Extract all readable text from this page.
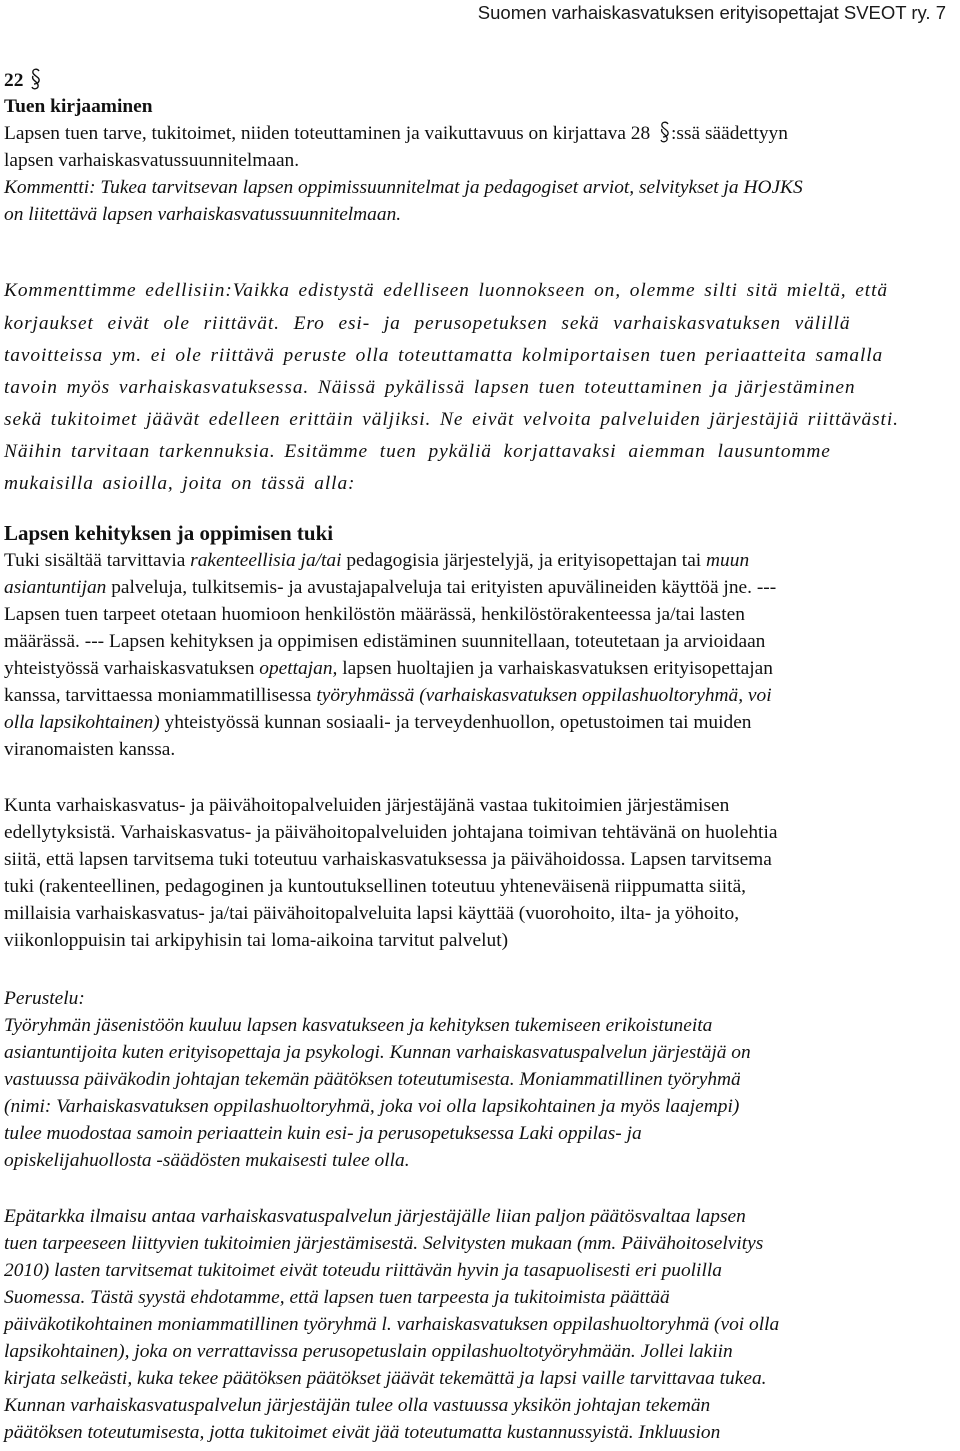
Suomen varhaiskasvatuksen erityisopettajat SVEOT ry. 7
22
Tuen kirjaaminen
Lapsen tuen tarve, tukitoimet, niiden toteuttaminen ja vaikuttavuus on kirjattava 28 :ssä säädettyyn
lapsen varhaiskasvatussuunnitelmaan.
Kommentti: Tukea tarvitsevan lapsen oppimissuunnitelmat ja pedagogiset arviot, selvitykset ja HOJKS
on liitettävä lapsen varhaiskasvatussuunnitelmaan.
Kommenttimme edellisiin:Vaikka edistystä edelliseen luonnokseen on, olemme silti sitä mieltä, että
korjaukset eivät ole riittävät. Ero esi- ja perusopetuksen sekä varhaiskasvatuksen välillä
tavoitteissa ym. ei ole riittävä peruste olla toteuttamatta kolmiportaisen tuen periaatteita samalla
tavoin myös varhaiskasvatuksessa. Näissä pykälissä lapsen tuen toteuttaminen ja järjestäminen
sekä tukitoimet jäävät edelleen erittäin väljiksi. Ne eivät velvoita palveluiden järjestäjiä riittävästi.
Näihin tarvitaan tarkennuksia. Esitämme tuen pykäliä korjattavaksi aiemman lausuntomme
mukaisilla asioilla, joita on tässä alla:
Lapsen kehityksen ja oppimisen tuki
Tuki sisältää tarvittavia rakenteellisia ja/tai pedagogisia järjestelyjä, ja erityisopettajan tai muun
asiantuntijan palveluja, tulkitsemis- ja avustajapalveluja tai erityisten apuvälineiden käyttöä jne. ---
Lapsen tuen tarpeet otetaan huomioon henkilöstön määrässä, henkilöstörakenteessa ja/tai lasten
määrässä. --- Lapsen kehityksen ja oppimisen edistäminen suunnitellaan, toteutetaan ja arvioidaan
yhteistyössä varhaiskasvatuksen opettajan, lapsen huoltajien ja varhaiskasvatuksen erityisopettajan
kanssa, tarvittaessa moniammatillisessa työryhmässä (varhaiskasvatuksen oppilashuoltoryhmä, voi
olla lapsikohtainen) yhteistyössä kunnan sosiaali- ja terveydenhuollon, opetustoimen tai muiden
viranomaisten kanssa.
Kunta varhaiskasvatus- ja päivähoitopalveluiden järjestäjänä vastaa tukitoimien järjestämisen
edellytyksistä. Varhaiskasvatus- ja päivähoitopalveluiden johtajana toimivan tehtävänä on huolehtia
siitä, että lapsen tarvitsema tuki toteutuu varhaiskasvatuksessa ja päivähoidossa. Lapsen tarvitsema
tuki (rakenteellinen, pedagoginen ja kuntoutuksellinen toteutuu yhteneväisenä riippumatta siitä,
millaisia varhaiskasvatus- ja/tai päivähoitopalveluita lapsi käyttää (vuorohoito, ilta- ja yöhoito,
viikonloppuisin tai arkipyhisin tai loma-aikoina tarvitut palvelut)
Perustelu:
Työryhmän jäsenistöön kuuluu lapsen kasvatukseen ja kehityksen tukemiseen erikoistuneita
asiantuntijoita kuten erityisopettaja ja psykologi. Kunnan varhaiskasvatuspalvelun järjestäjä on
vastuussa päiväkodin johtajan tekemän päätöksen toteutumisesta. Moniammatillinen työryhmä
(nimi: Varhaiskasvatuksen oppilashuoltoryhmä, joka voi olla lapsikohtainen ja myös laajempi)
tulee muodostaa samoin periaattein kuin esi- ja perusopetuksessa Laki oppilas- ja
opiskelijahuollosta -säädösten mukaisesti tulee olla.
Epätarkka ilmaisu antaa varhaiskasvatuspalvelun järjestäjälle liian paljon päätösvaltaa lapsen
tuen tarpeeseen liittyvien tukitoimien järjestämisestä. Selvitysten mukaan (mm. Päivähoitoselvitys
2010) lasten tarvitsemat tukitoimet eivät toteudu riittävän hyvin ja tasapuolisesti eri puolilla
Suomessa. Tästä syystä ehdotamme, että lapsen tuen tarpeesta ja tukitoimista päättää
päiväkotikohtainen moniammatillinen työryhmä l. varhaiskasvatuksen oppilashuoltoryhmä (voi olla
lapsikohtainen), joka on verrattavissa perusopetuslain oppilashuoltotyöryhmään. Jollei lakiin
kirjata selkeästi, kuka tekee päätöksen päätökset jäävät tekemättä ja lapsi vaille tarvittavaa tukea.
Kunnan varhaiskasvatuspalvelun järjestäjän tulee olla vastuussa yksikön johtajan tekemän
päätöksen toteutumisesta, jotta tukitoimet eivät jää toteutumatta kustannussyistä. Inkluusion
